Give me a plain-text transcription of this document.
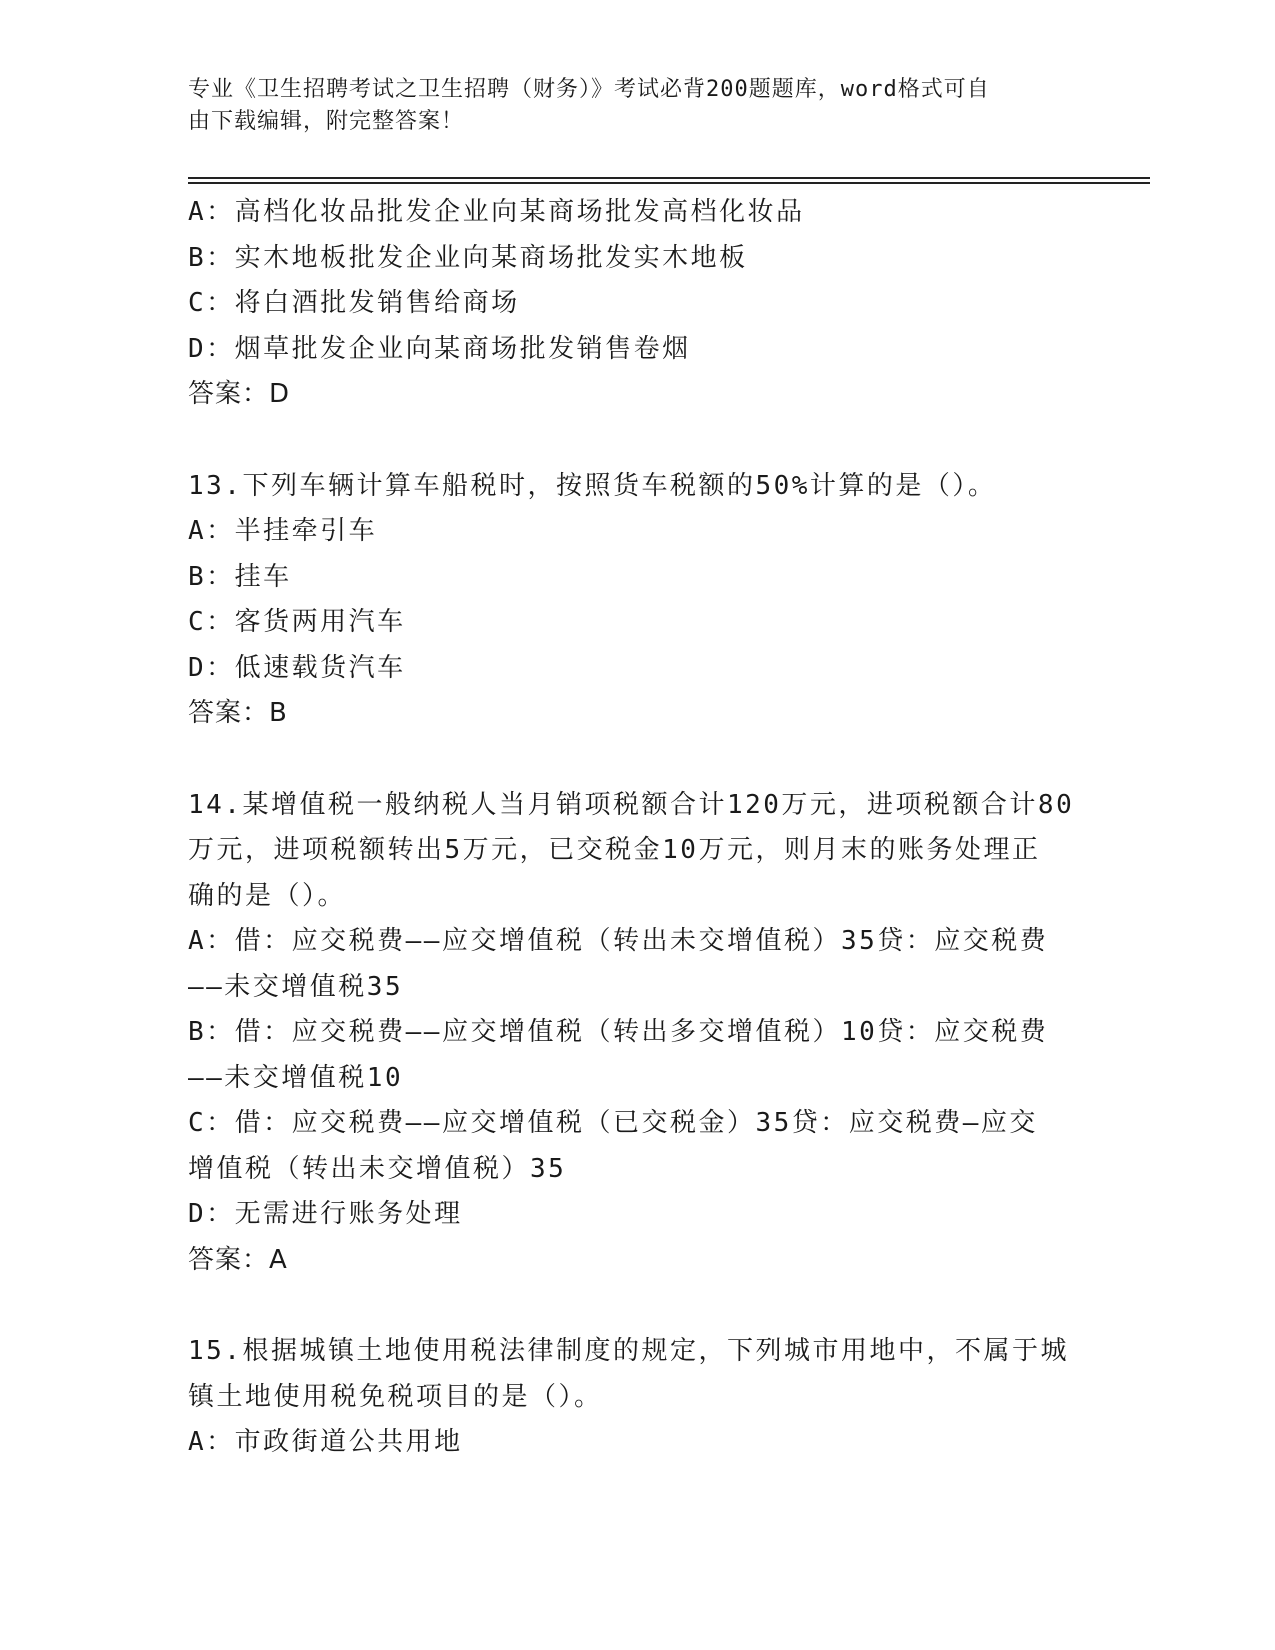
专业《卫生招聘考试之卫生招聘（财务）》考试必背200题题库，word格式可自
由下载编辑，附完整答案！
A：高档化妆品批发企业向某商场批发高档化妆品
B：实木地板批发企业向某商场批发实木地板
C：将白酒批发销售给商场
D：烟草批发企业向某商场批发销售卷烟
答案：D
13.下列车辆计算车船税时，按照货车税额的50%计算的是（）。
A：半挂牵引车
B：挂车
C：客货两用汽车
D：低速载货汽车
答案：B
14.某增值税一般纳税人当月销项税额合计120万元，进项税额合计80
万元，进项税额转出5万元，已交税金10万元，则月末的账务处理正
确的是（）。
A：借：应交税费——应交增值税（转出未交增值税）35贷：应交税费
——未交增值税35
B：借：应交税费——应交增值税（转出多交增值税）10贷：应交税费
——未交增值税10
C：借：应交税费——应交增值税（已交税金）35贷：应交税费—应交
增值税（转出未交增值税）35
D：无需进行账务处理
答案：A
15.根据城镇土地使用税法律制度的规定，下列城市用地中，不属于城
镇土地使用税免税项目的是（）。
A：市政街道公共用地
